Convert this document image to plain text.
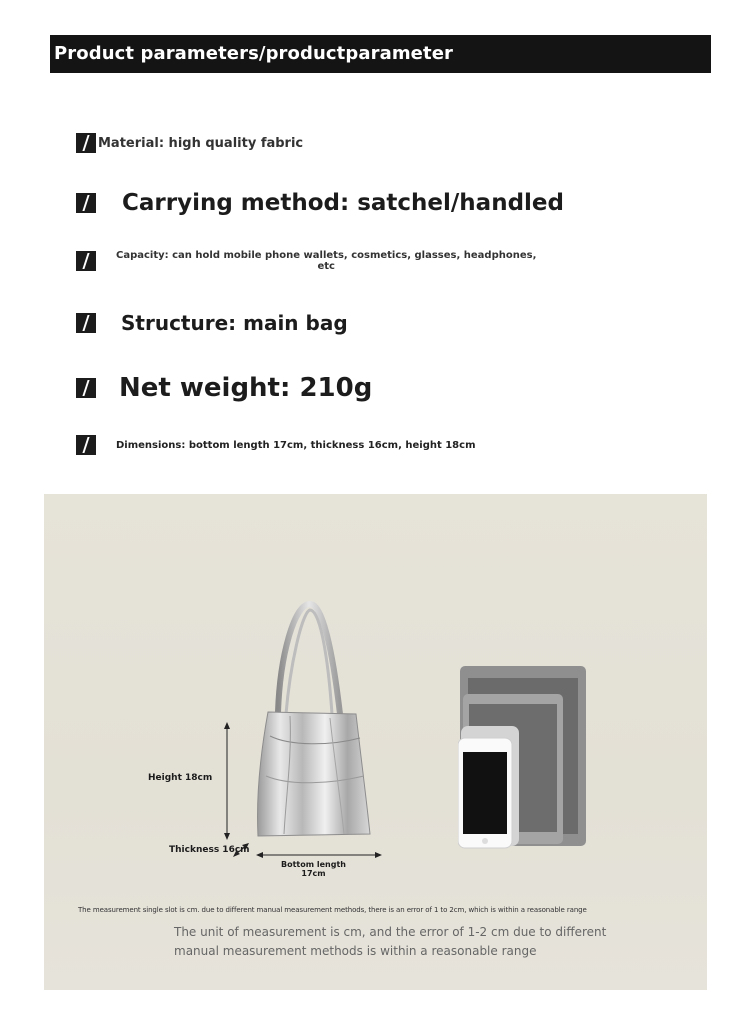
Product parameters/productparameter
Material: high quality fabric
Carrying method: satchel/handled
Capacity: can hold mobile phone wallets, cosmetics, glasses, headphones,
etc
Structure: main bag
Net weight: 210g
Dimensions: bottom length 17cm, thickness 16cm, height 18cm
Height 18cm
Thickness 16cm
Bottom length
17cm
The measurement single slot is cm. due to different manual measurement methods, there is an error of 1 to 2cm, which is within a reasonable range
The unit of measurement is cm, and the error of 1-2 cm due to different
manual measurement methods is within a reasonable range
